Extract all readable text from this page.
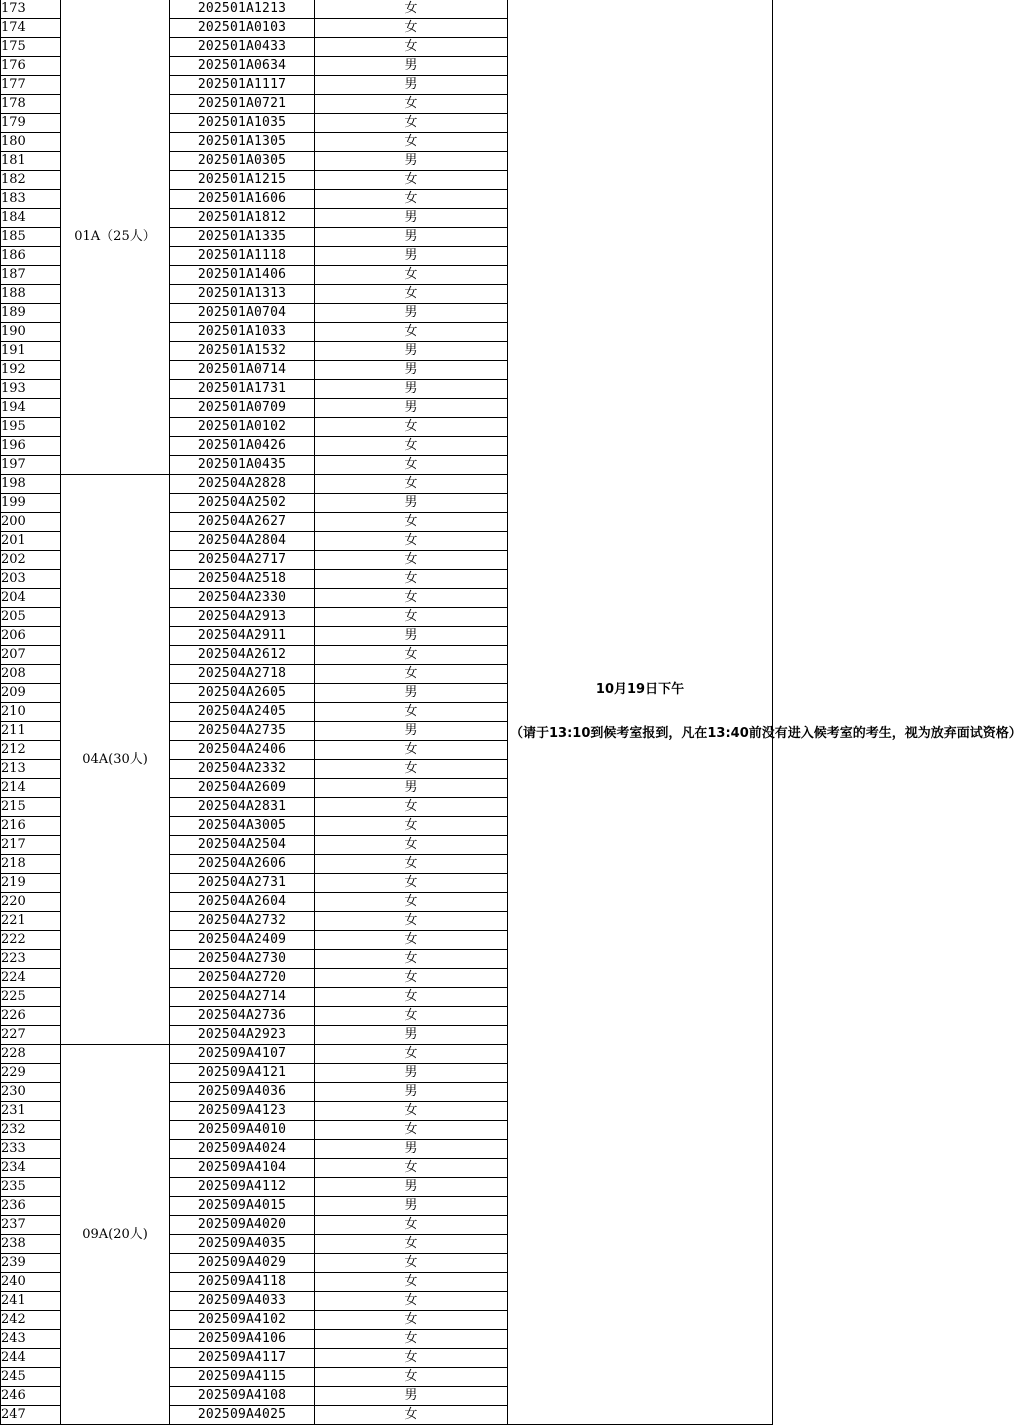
173	01A（25人）	202501A1213	女	10月19日下午
（请于13:10到候考室报到，凡在13:40前没有进入候考室的考生，视为放弃面试资格）

174		202501A0103	女	
175		202501A0433	女	
176		202501A0634	男	
177		202501A1117	男	
178		202501A0721	女	
179		202501A1035	女	
180		202501A1305	女	
181		202501A0305	男	
182		202501A1215	女	
183		202501A1606	女	
184		202501A1812	男	
185		202501A1335	男	
186		202501A1118	男	
187		202501A1406	女	
188		202501A1313	女	
189		202501A0704	男	
190		202501A1033	女	
191		202501A1532	男	
192		202501A0714	男	
193		202501A1731	男	
194		202501A0709	男	
195		202501A0102	女	
196		202501A0426	女	
197		202501A0435	女	
198	04A(30人)	202504A2828	女	
199		202504A2502	男	
200		202504A2627	女	
201		202504A2804	女	
202		202504A2717	女	
203		202504A2518	女	
204		202504A2330	女	
205		202504A2913	女	
206		202504A2911	男	
207		202504A2612	女	
208		202504A2718	女	
209		202504A2605	男	
210		202504A2405	女	
211		202504A2735	男	
212		202504A2406	女	
213		202504A2332	女	
214		202504A2609	男	
215		202504A2831	女	
216		202504A3005	女	
217		202504A2504	女	
218		202504A2606	女	
219		202504A2731	女	
220		202504A2604	女	
221		202504A2732	女	
222		202504A2409	女	
223		202504A2730	女	
224		202504A2720	女	
225		202504A2714	女	
226		202504A2736	女	
227		202504A2923	男	
228	09A(20人)	202509A4107	女	
229		202509A4121	男	
230		202509A4036	男	
231		202509A4123	女	
232		202509A4010	女	
233		202509A4024	男	
234		202509A4104	女	
235		202509A4112	男	
236		202509A4015	男	
237		202509A4020	女	
238		202509A4035	女	
239		202509A4029	女	
240		202509A4118	女	
241		202509A4033	女	
242		202509A4102	女	
243		202509A4106	女	
244		202509A4117	女	
245		202509A4115	女	
246		202509A4108	男	
247		202509A4025	女	
